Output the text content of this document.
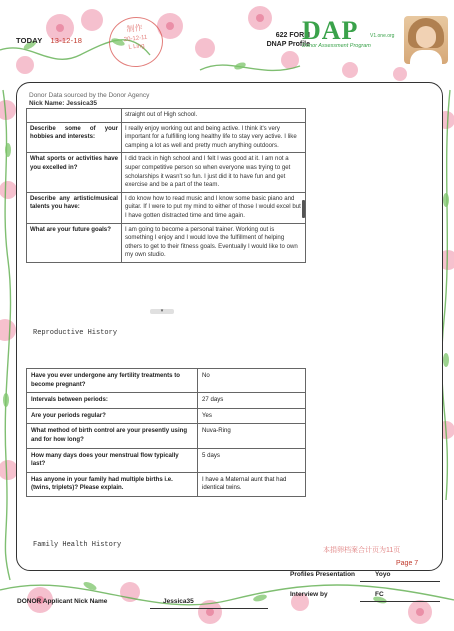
TODAY 13-12-18
制作
20-12-11
L Ling
622 FORM
DNAP Profile
DAP	V1.one.org
Donor Assessment Program
Donor Data sourced by the Donor Agency
Nick Name: Jessica35
	straight out of High school.
Describe some of your hobbies and interests:	I really enjoy working out and being active. I think it's very important for a fulfilling long healthy life to stay very active. I like camping a lot as well and pretty much anything outdoors.
What sports or activities have you excelled in?	I did track in high school and I felt I was good at it. I am not a super competitive person so when everyone was trying to get scholarships it wasn't so fun. I just did it to have fun and get exercise and be a part of the team.
Describe any artistic/musical talents you have:	I do know how to read music and I know some basic piano and guitar. If I were to put my mind to either of those I would excel but I have gotten distracted time and time again.
What are your future goals?	I am going to become a personal trainer. Working out is something I enjoy and I would love the fulfillment of helping others to get to their fitness goals. Eventually I would like to own my own studio.
▾
Reproductive History
Have you ever undergone any fertility treatments to become pregnant?	No
Intervals between periods:	27 days
Are your periods regular?	Yes
What method of birth control are your presently using and for how long?	Nuva-Ring
How many days does your menstrual flow typically last?	5 days
Has anyone in your family had multiple births i.e. (twins, triplets)? Please explain.	I have a Maternal aunt that had identical twins.
Family Health History
本捐卵档案合计页为11页
Page 7
Profiles Presentation	Yoyo
Interview by	FC
DONOR Applicant Nick Name	Jessica35
